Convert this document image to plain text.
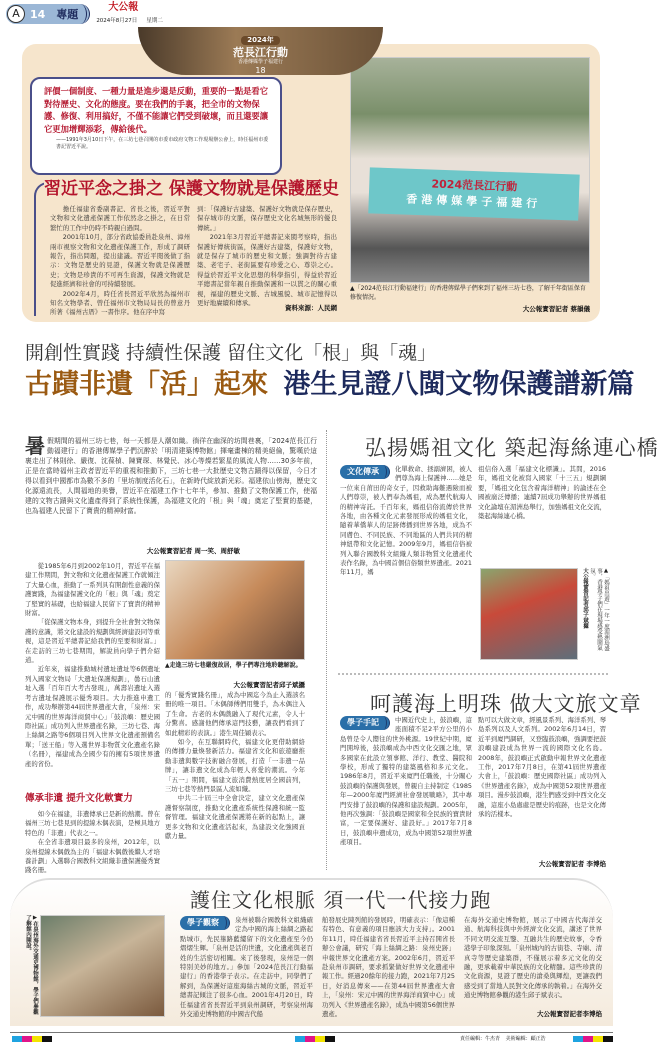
A 14 專題
大公報
2024年8月27日 星期二
2024年
范長江行動
香港傳媒學子福建行
18
評價一個制度、一種力量是進步還是反動，重要的一點是看它對待歷史、文化的態度。要在我們的手裏，把全市的文物保護、修復、利用搞好，不僅不能讓它們受到破壞，而且還要讓它更加增輝添彩，傳給後代。
——1991年3月10日下午，在三坊七巷召開的市委市政府文物工作現場辦公會上，時任福州市委書記習近平說。
習近平念之掛之 保護文物就是保護歷史

擔任福建省委副書記、省長之後，習近平對文物和文化遺產保護工作依然念之掛之，在日常繁忙的工作中仍時不時親自過問。

2001年10月，部分省政協委員赴泉州、漳州兩市視察文物和文化遺產保護工作，形成了調研報告，指出問題，提出建議。習近平閱後做了指示：文物是歷史的見證，保護文物就是保護歷史；文物是珍貴的不可再生資源，保護文物就是促進經濟和社會的可持續發展。

2002年4月，時任省長習近平欣然為福州市知名文物學者、曾任福州市文物局局長的曾意丹所著《福州古厝》一書作序。他在序中寫

到：「保護好古建築、保護好文物就是保存歷史，保存城市的文脈，保存歷史文化名城無形的優良傳統。」

2021年3月習近平總書記來閩考察時，指出保護好傳統街區，保護好古建築，保護好文物，就是保存了城市的歷史和文脈；強調對待古建築、老宅子、老街區要有珍愛之心、尊崇之心。得益於習近平文化思想的科學指引，得益於習近平總書記當年親自推動保護和一以貫之的關心重視，福建的歷史文脈、古城風貌、城市記憶得以更好地賡續和傳承。

資料來源：人民網
2024范長江行動
香港傳媒學子福建行
▲「2024范長江行動福建行」的香港傳媒學子們來到了福州三坊七巷，了解千年街區保育修復情況。
大公報實習記者 蔡韻儀
開創性實踐 持續性保護 留住文化「根」與「魂」
古蹟非遺「活」起來 港生見證八閩文物保護譜新篇
暑 假期間的福州三坊七巷，每一天都是人潮如織。徜徉在幽深的坊間巷裏，「2024范長江行動福建行」的香港傳媒學子們沉醉於「明清建築博物館」揮毫畫棟的精美絕倫，驚嘆於這裏走出了林則徐、嚴復、沈葆楨、陳寶琛、林覺民、冰心等燦若繁星的風流人物……30多年前，正是在當時福州主政者習近平的重視和推動下，三坊七巷一大批歷史文物古蹟得以保留，今日才得以看到中國都市為數不多的「里坊制度活化石」，在新時代綻放新光彩。福建依山傍海，歷史文化源遠流長，人間福地的美譽，習近平在福建工作十七年半，參加、推動了文物保護工作，使福建的文物古蹟與文化遺產得到了系統性保護，為福建文化的「根」與「魂」奠定了堅實的基礎，也為福建人民留下了寶貴的精神財富。
大公報實習記者 周一笑、周舒敏

從1985年6月到2002年10月，習近平在福建工作期間，對文物和文化遺產保護工作就傾注了大量心血，推動了一系列具有開創性意義的保護實踐，為福建保護文化的「根」與「魂」奠定了堅實的基礎，也給福建人民留下了寶貴的精神財富。

「從保護文物本身，到提升全社會對文物保護的意識，將文化建設的規劃與經濟建設同等重視，這是習近平總書記給我們的至要和財富。」在走訪的三坊七巷期間，解說員向學子們介紹道。

近年來，福建推動城村遺址遺址等6個遺址列入國家文物局「大遺址保護規劃」，曇石山遺址入選「百年百大考古發現」，萬壽岩遺址入選考古遺址保護展示優秀項目。大力推進申遺工作，成功舉辦第44屆世界遺產大會，「泉州：宋元中國的世界海洋商貿中心」「鼓浪嶼：歷史國際社區」成功列入世界遺產名錄，三坊七巷、海上絲綢之路等6個項目列入世界文化遺產預備名單；「送王船」等入選世界非物質文化遺產名錄（名冊），福建成為全國少有的擁有5項世界遺產的省份。

傳承非遺 提升文化軟實力

如今在福建，非遺傳承已是新的熱潮。曾在福州三坊七巷見到的提線木偶表演，是極具地方特色的「非遺」代表之一。

在全省非遺項目最多的泉州，2012年，以泉州提線木偶戲為主的「福建木偶戲後繼人才培養計劃」入選聯合國教科文組織非遺保護優秀實踐名冊。

▲走進三坊七巷嚴復故居，學子們專注地聆聽解說。
大公報實習記者邱子斌攝

的「優秀實踐名冊」，成為中國迄今為止入選該名冊的唯一項目。「木偶師傅們用雙手，為木偶注入了生命。古老的木偶戲融入了現代元素，令人十分驚喜。感謝他們傳承這門技藝，讓我們看到了如此精彩的表演。」港生周佳穎表示。

如今，在互聯網時代，福建文化更借助網絡的傳播力量煥發新活力。福建省文化和旅遊廳推動非遺與數字技術融合發展，打造「一非遺一品牌」，讓非遺文化成為年輕人喜愛的潮流。今年「五一」期間，福建文旅消費熱度居全國前列，三坊七巷等熱門景區人流如織。

中共二十屆三中全會決定，建立文化遺產保護督察制度，推動文化遺產系統性保護和統一監督管理。福建文化遺產保護將在新的起點上，讓更多文物和文化遺產活起來，為建設文化強國貢獻力量。

弘揚媽祖文化 築起海絲連心橋
文化傳承	化單救命、拯溺濟困，被人們尊為海上保護神……她是一位來自莆田的奇女子，因救助海難遇險而被人們尊崇，被人們奉為媽祖，成為歷代航海人的精神寄託。千百年來，媽祖信俗流傳於世界各地，由各種文化元素發展形成的媽祖文化，隨着華僑華人的足跡傳播到世界各地，成為不同膚色、不同民族、不同地區的人們共同的精神紐帶和文化記憶。2009年9月，媽祖信俗被列入聯合國教科文組織人類非物質文化遺產代表作名錄，為中國首個信俗類世界遺產。2021年11月，媽
祖信俗入選「福建文化標識」。其間，2016年，媽祖文化被寫入國家「十三五」規劃綱要，「媽祖文化包含着海洋精神」的論述在全國被廣泛傳播；連續7屆成功舉辦的世界媽祖文化論壇在湄洲島舉行，加強媽祖文化交流，築起海絲連心橋。
▲「媽祖出遊」一年一度湄洲島盛事，香港學子們在現場感受熱鬧氣氛。
大公報實習記者邱子斌攝
呵護海上明珠 做大文旅文章
學子手記	中國近代史上，鼓浪嶼，這座面積不足2平方公里的小島曾是令人嚮往的世外桃源。19世紀中期，廈門開埠後，鼓浪嶼成為中西文化交匯之地，眾多國家在此設立領事館、洋行、教堂、醫院和學校，形成了獨特的建築風格和多元文化。1986年8月，習近平來廈門任職後，十分關心鼓浪嶼的保護與發展，曾親自主持制定《1985年—2000年廈門經濟社會發展戰略》，其中專門安排了鼓浪嶼的保護和建設規劃。2005年，他再次強調：「鼓浪嶼是國家和全民族的寶貴財富，一定要保護好、建設好。」2017年7月8日，鼓浪嶼申遺成功，成為中國第52項世界遺產項目。
點可以大做文章，經風景系列、海洋系列、琴島系列以及人文系列。2002年6月14日，習近平到廈門調研，又登臨鼓浪嶼，強調要把鼓浪嶼建設成為世界一流的國際文化名島。2008年，鼓浪嶼正式啟動申報世界文化遺產工作，2017年7月8日，在第41屆世界遺產大會上，「鼓浪嶼：歷史國際社區」成功列入《世界遺產名錄》，成為中國第52項世界遺產項目。漫步鼓浪嶼，港生們感受到中西文化交融，這座小島處處是歷史的痕跡，也是文化傳承的活樣本。
大公報實習記者 李博焰
護住文化根脈 須一代一代接力跑
▶在泉州海外交通史博物館，學子們參觀了解館內陳設。	學子觀察	泉州被聯合國教科文組織確定為中國的海上絲綢之路起點城市，先民篳路藍縷留下的文化遺產至今仍熠熠生輝。「泉州是活的世遺，文化遺產與老百姓的生活密切相關。來了後發現，泉州是一個特別美妙的地方。」參加「2024范長江行動福建行」的香港學子表示。在走訪中，同學們了解到，為保護好這座海絲古城的文脈，習近平總書記傾注了很多心血。2001年4月20日，時任福建省省長習近平到泉州調研，考察泉州海外交通史博物館的中國古代船
舶發展史陳列館的發展時，明確表示：「像這種有特色、有意義的項目應該大力支持」。2001年11月，時任福建省省長習近平主持召開省長辦公會議，研究「海上絲綢之路：泉州史跡」申報世界文化遺產方案。2002年6月，習近平赴泉州市調研，要求抓緊做好世界文化遺產申報工作。經過20餘年的接力跑，2021年7月25日，好消息傳來——在第44屆世界遺產大會上，「泉州：宋元中國的世界海洋商貿中心」成功列入《世界遺產名錄》，成為中國第56個世界遺產。
在海外交通史博物館，展示了中國古代海洋交通、航海科技與中外經濟文化交流，講述了世界不同文明交流互鑒、互融共生的歷史故事，令香港學子印象深刻。「泉州城內的古街巷、寺廟、清真寺等歷史建築群，不僅展示着多元文化的交融，更承載着中華民族的文化精髓。這些珍貴的文化資源，見證了歷史的滄桑與輝煌，更讓我們感受到了當地人民對文化傳承的執着。」在海外交通史博物館參觀的港生邱子斌表示。
大公報實習記者李博焰
責任編輯：牛杰青 美術編輯：顧正浩
